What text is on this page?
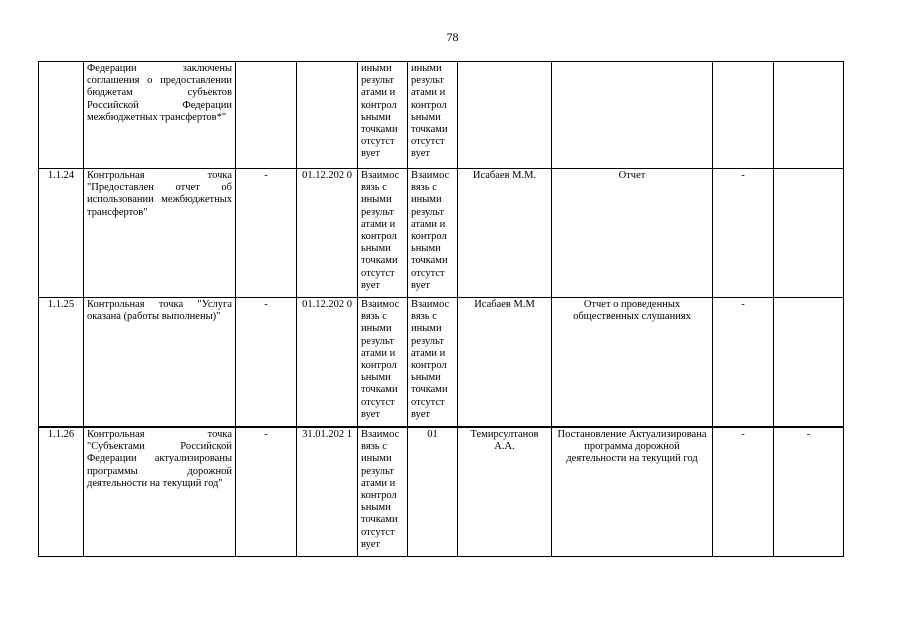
78
	Федерации заключены соглашения о предоставлении бюджетам субъектов Российской Федерации межбюджетных трансфертов*"			иными результ атами и контрол ьными точками отсутст вует	иными результ атами и контрол ьными точками отсутст вует				
1.1.24	Контрольная точка "Предоставлен отчет об использовании межбюджетных трансфертов"	-	01.12.202 0	Взаимос вязь с иными результ атами и контрол ьными точками отсутст вует	Взаимос вязь с иными результ атами и контрол ьными точками отсутст вует	Исабаев М.М.	Отчет	-	
1.1.25	Контрольная точка "Услуга оказана (работы выполнены)"	-	01.12.202 0	Взаимос вязь с иными результ атами и контрол ьными точками отсутст вует	Взаимос вязь с иными результ атами и контрол ьными точками отсутст вует	Исабаев М.М	Отчет о проведенных общественных слушаниях	-	
1.1.26	Контрольная точка "Субъектами Российской Федерации актуализированы программы дорожной деятельности на текущий год"	-	31.01.202 1	Взаимос вязь с иными результ атами и контрол ьными точками отсутст вует	01	Темирсултанов А.А.	Постановление Актуализирована программа дорожной деятельности на текущий год	-	-
